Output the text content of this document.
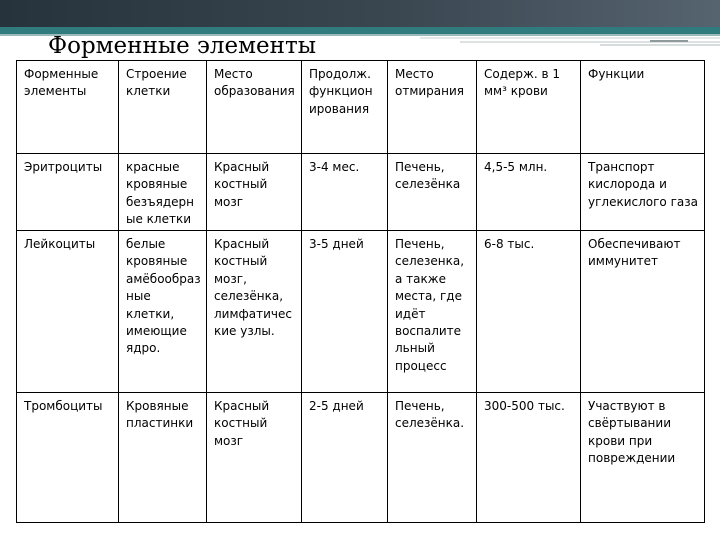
Форменные элементы
Форменные элементы	Строение клетки	Место образования	Продолж. функцион ирования	Место отмирания	Содерж. в 1 мм³ крови	Функции
Эритроциты	красные кровяные безъядерн ые клетки	Красный костный мозг	3-4 мес.	Печень, селезёнка	4,5-5 млн.	Транспорт кислорода и углекислого газа
Лейкоциты	белые кровяные амёбообраз ные клетки, имеющие ядро.	Красный костный мозг, селезёнка, лимфатичес кие узлы.	3-5 дней	Печень, селезенка, а также места, где идёт воспалите льный процесс	6-8 тыс.	Обеспечивают иммунитет
Тромбоциты	Кровяные пластинки	Красный костный мозг	2-5 дней	Печень, селезёнка.	300-500 тыс.	Участвуют в свёртывании крови при повреждении
